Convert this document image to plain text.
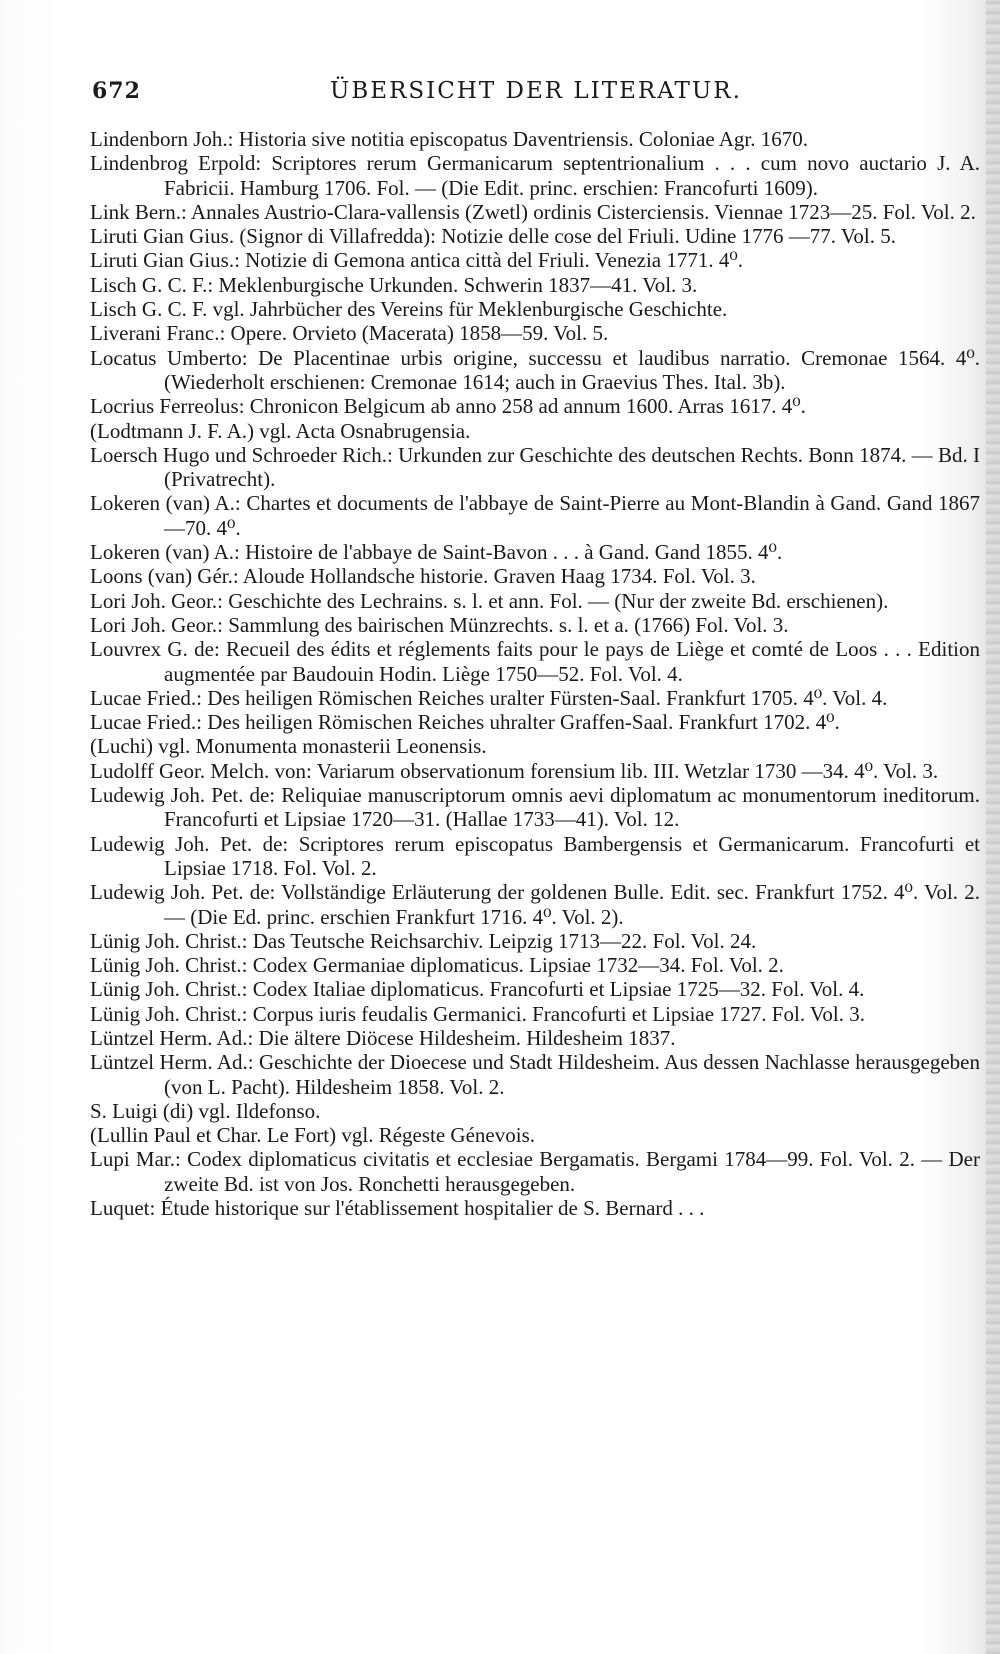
672	ÜBERSICHT DER LITERATUR.

Lindenborn Joh.: Historia sive notitia episcopatus Daventriensis. Coloniae Agr. 1670.

Lindenbrog Erpold: Scriptores rerum Germanicarum septentrionalium . . . cum novo auctario J. A. Fabricii. Hamburg 1706. Fol. — (Die Edit. princ. erschien: Francofurti 1609).

Link Bern.: Annales Austrio-Clara-vallensis (Zwetl) ordinis Cisterciensis. Viennae 1723—25. Fol. Vol. 2.

Liruti Gian Gius. (Signor di Villafredda): Notizie delle cose del Friuli. Udine 1776 —77. Vol. 5.

Liruti Gian Gius.: Notizie di Gemona antica città del Friuli. Venezia 1771. 4⁰.

Lisch G. C. F.: Meklenburgische Urkunden. Schwerin 1837—41. Vol. 3.

Lisch G. C. F. vgl. Jahrbücher des Vereins für Meklenburgische Geschichte.

Liverani Franc.: Opere. Orvieto (Macerata) 1858—59. Vol. 5.

Locatus Umberto: De Placentinae urbis origine, successu et laudibus narratio. Cremonae 1564. 4⁰. (Wiederholt erschienen: Cremonae 1614; auch in Graevius Thes. Ital. 3b).

Locrius Ferreolus: Chronicon Belgicum ab anno 258 ad annum 1600. Arras 1617. 4⁰.

(Lodtmann J. F. A.) vgl. Acta Osnabrugensia.

Loersch Hugo und Schroeder Rich.: Urkunden zur Geschichte des deutschen Rechts. Bonn 1874. — Bd. I (Privatrecht).

Lokeren (van) A.: Chartes et documents de l'abbaye de Saint-Pierre au Mont-Blandin à Gand. Gand 1867—70. 4⁰.

Lokeren (van) A.: Histoire de l'abbaye de Saint-Bavon . . . à Gand. Gand 1855. 4⁰.

Loons (van) Gér.: Aloude Hollandsche historie. Graven Haag 1734. Fol. Vol. 3.

Lori Joh. Geor.: Geschichte des Lechrains. s. l. et ann. Fol. — (Nur der zweite Bd. erschienen).

Lori Joh. Geor.: Sammlung des bairischen Münzrechts. s. l. et a. (1766) Fol. Vol. 3.

Louvrex G. de: Recueil des édits et réglements faits pour le pays de Liège et comté de Loos . . . Edition augmentée par Baudouin Hodin. Liège 1750—52. Fol. Vol. 4.

Lucae Fried.: Des heiligen Römischen Reiches uralter Fürsten-Saal. Frankfurt 1705. 4⁰. Vol. 4.

Lucae Fried.: Des heiligen Römischen Reiches uhralter Graffen-Saal. Frankfurt 1702. 4⁰.

(Luchi) vgl. Monumenta monasterii Leonensis.

Ludolff Geor. Melch. von: Variarum observationum forensium lib. III. Wetzlar 1730 —34. 4⁰. Vol. 3.

Ludewig Joh. Pet. de: Reliquiae manuscriptorum omnis aevi diplomatum ac monumentorum ineditorum. Francofurti et Lipsiae 1720—31. (Hallae 1733—41). Vol. 12.

Ludewig Joh. Pet. de: Scriptores rerum episcopatus Bambergensis et Germanicarum. Francofurti et Lipsiae 1718. Fol. Vol. 2.

Ludewig Joh. Pet. de: Vollständige Erläuterung der goldenen Bulle. Edit. sec. Frankfurt 1752. 4⁰. Vol. 2. — (Die Ed. princ. erschien Frankfurt 1716. 4⁰. Vol. 2).

Lünig Joh. Christ.: Das Teutsche Reichsarchiv. Leipzig 1713—22. Fol. Vol. 24.

Lünig Joh. Christ.: Codex Germaniae diplomaticus. Lipsiae 1732—34. Fol. Vol. 2.

Lünig Joh. Christ.: Codex Italiae diplomaticus. Francofurti et Lipsiae 1725—32. Fol. Vol. 4.

Lünig Joh. Christ.: Corpus iuris feudalis Germanici. Francofurti et Lipsiae 1727. Fol. Vol. 3.

Lüntzel Herm. Ad.: Die ältere Diöcese Hildesheim. Hildesheim 1837.

Lüntzel Herm. Ad.: Geschichte der Dioecese und Stadt Hildesheim. Aus dessen Nachlasse herausgegeben (von L. Pacht). Hildesheim 1858. Vol. 2.

S. Luigi (di) vgl. Ildefonso.

(Lullin Paul et Char. Le Fort) vgl. Régeste Génevois.

Lupi Mar.: Codex diplomaticus civitatis et ecclesiae Bergamatis. Bergami 1784—99. Fol. Vol. 2. — Der zweite Bd. ist von Jos. Ronchetti herausgegeben.

Luquet: Étude historique sur l'établissement hospitalier de S. Bernard . . .
